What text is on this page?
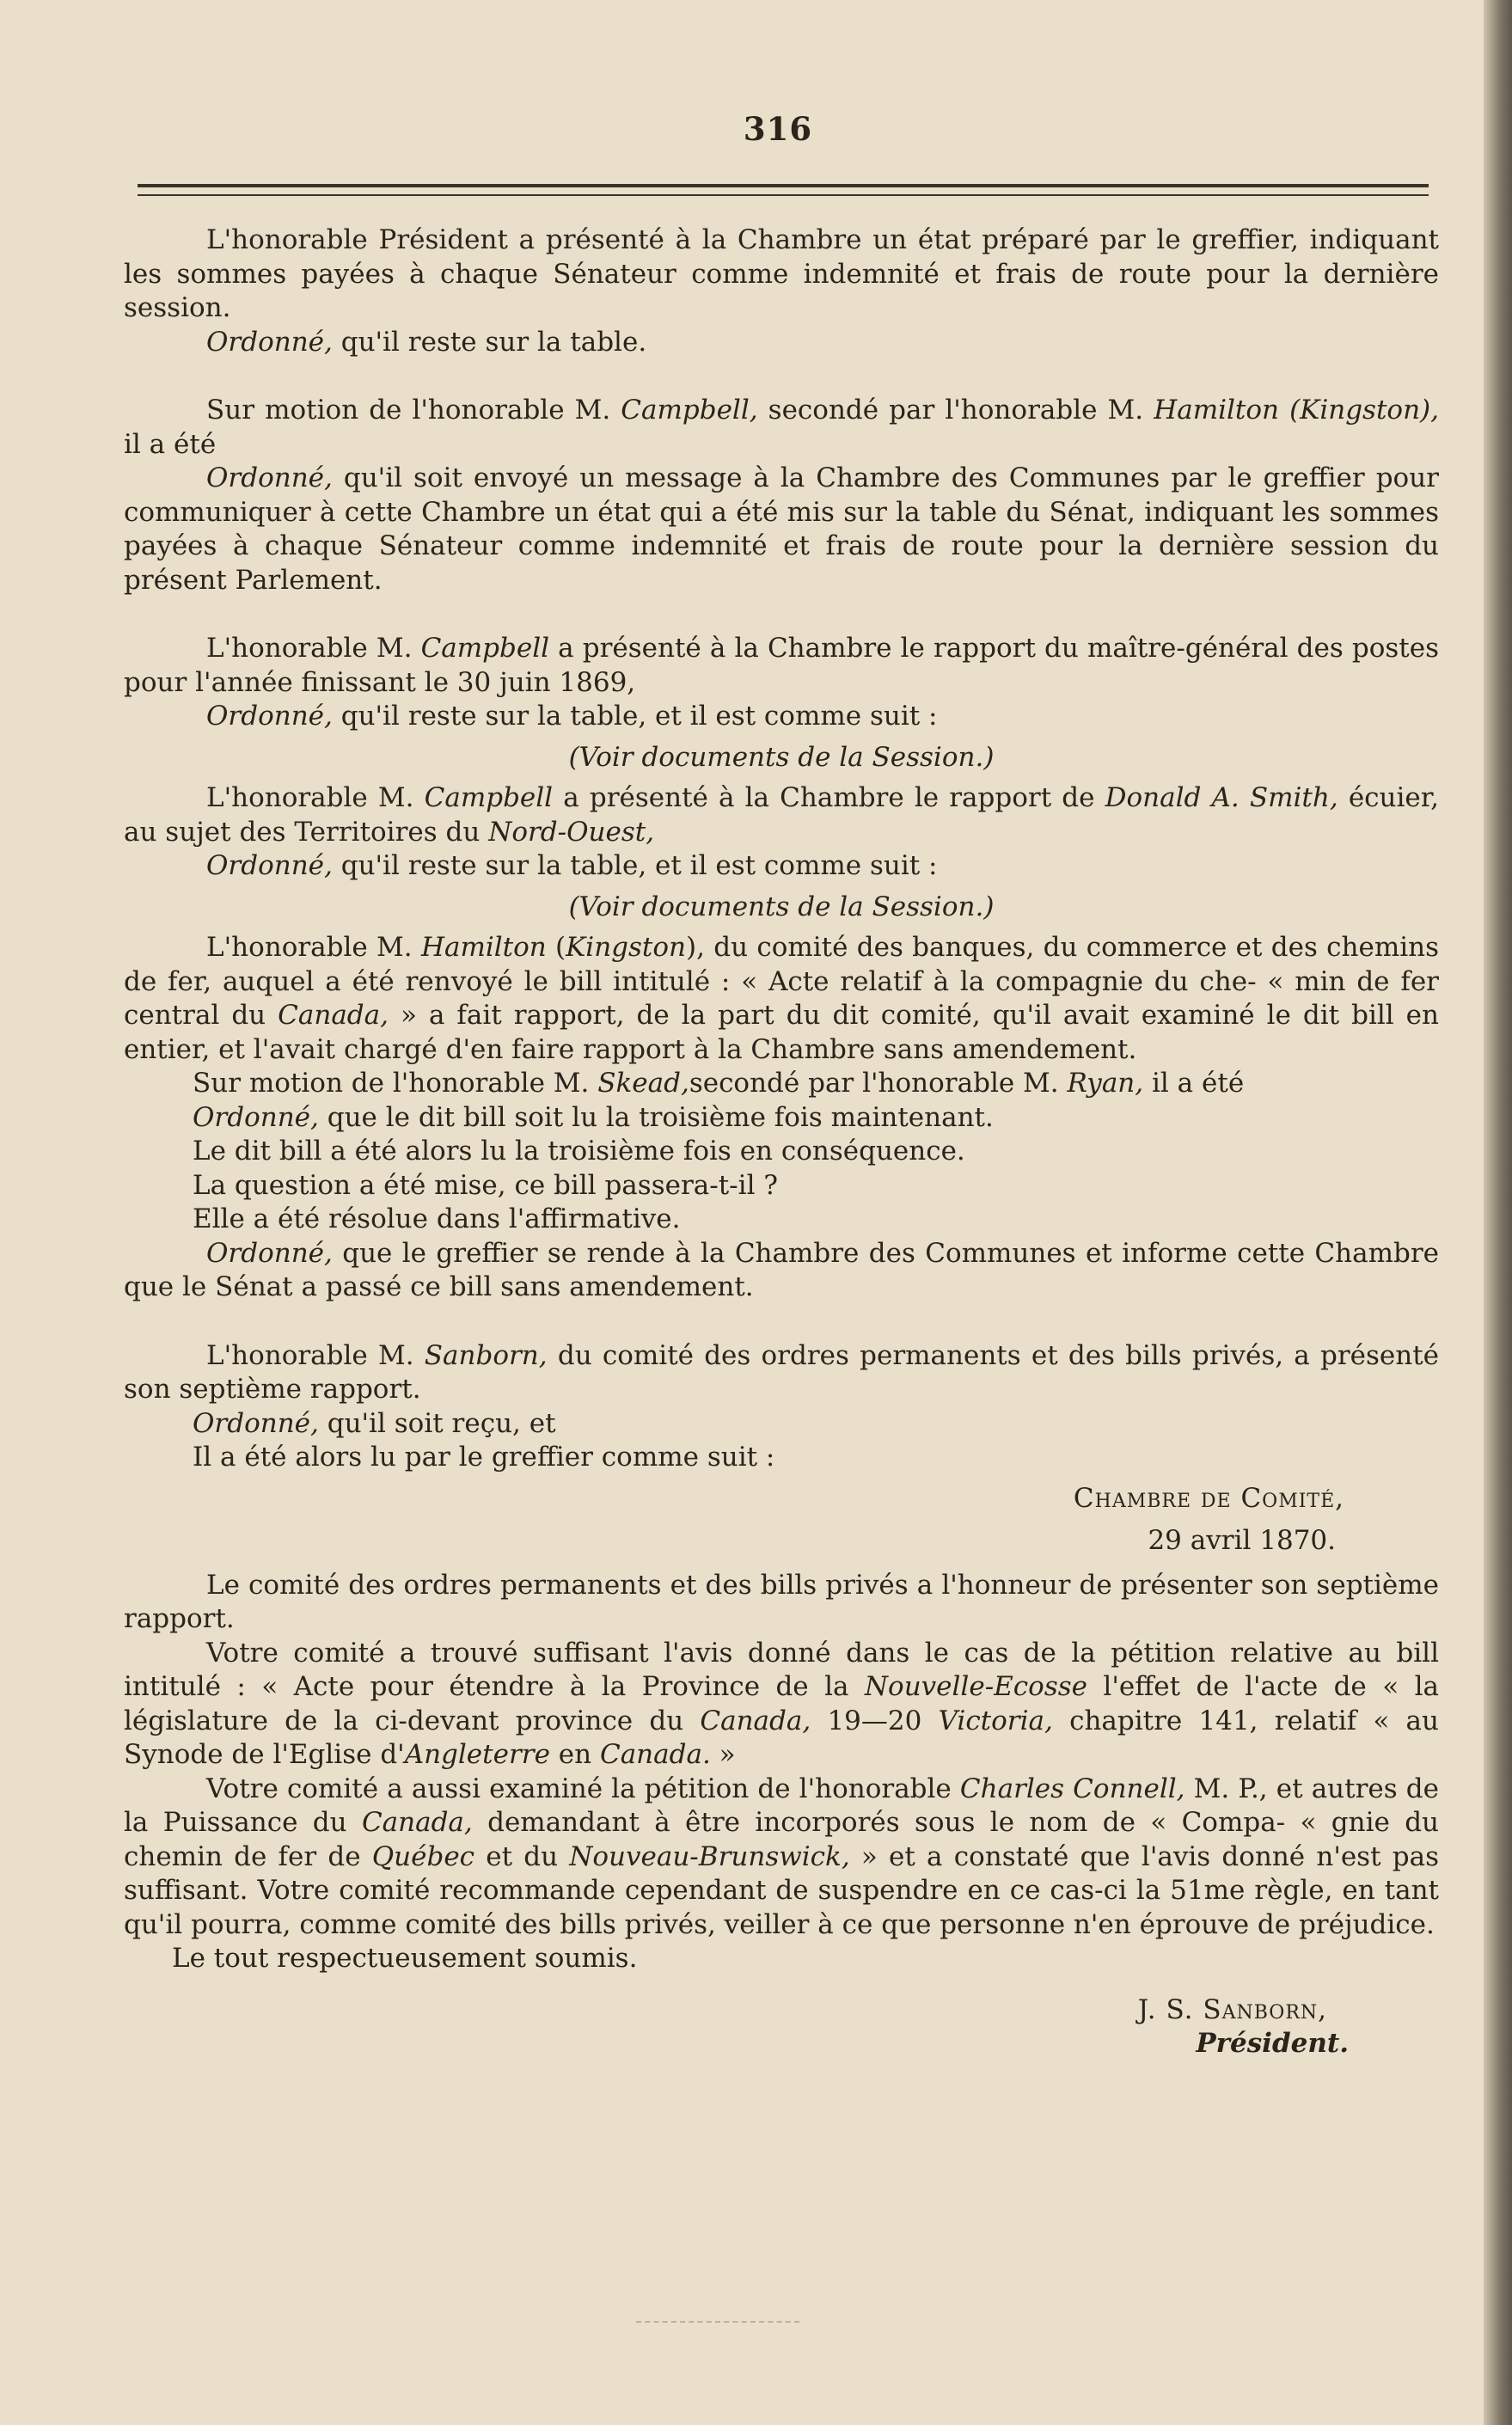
316

L'honorable Président a présenté à la Chambre un état préparé par le greffier, indiquant les sommes payées à chaque Sénateur comme indemnité et frais de route pour la dernière session.

Ordonné, qu'il reste sur la table.

Sur motion de l'honorable M. Campbell, secondé par l'honorable M. Hamilton (Kingston), il a été

Ordonné, qu'il soit envoyé un message à la Chambre des Communes par le greffier pour communiquer à cette Chambre un état qui a été mis sur la table du Sénat, indiquant les sommes payées à chaque Sénateur comme indemnité et frais de route pour la dernière session du présent Parlement.

L'honorable M. Campbell a présenté à la Chambre le rapport du maître-général des postes pour l'année finissant le 30 juin 1869,

Ordonné, qu'il reste sur la table, et il est comme suit :

(Voir documents de la Session.)

L'honorable M. Campbell a présenté à la Chambre le rapport de Donald A. Smith, écuier, au sujet des Territoires du Nord-Ouest,

Ordonné, qu'il reste sur la table, et il est comme suit :

(Voir documents de la Session.)

L'honorable M. Hamilton (Kingston), du comité des banques, du commerce et des chemins de fer, auquel a été renvoyé le bill intitulé : « Acte relatif à la compagnie du che- « min de fer central du Canada, » a fait rapport, de la part du dit comité, qu'il avait examiné le dit bill en entier, et l'avait chargé d'en faire rapport à la Chambre sans amendement.

Sur motion de l'honorable M. Skead,secondé par l'honorable M. Ryan, il a été

Ordonné, que le dit bill soit lu la troisième fois maintenant.

Le dit bill a été alors lu la troisième fois en conséquence.

La question a été mise, ce bill passera-t-il ?

Elle a été résolue dans l'affirmative.

Ordonné, que le greffier se rende à la Chambre des Communes et informe cette Chambre que le Sénat a passé ce bill sans amendement.

L'honorable M. Sanborn, du comité des ordres permanents et des bills privés, a présenté son septième rapport.

Ordonné, qu'il soit reçu, et

Il a été alors lu par le greffier comme suit :

Chambre de Comité,

29 avril 1870.

Le comité des ordres permanents et des bills privés a l'honneur de présenter son septième rapport.

Votre comité a trouvé suffisant l'avis donné dans le cas de la pétition relative au bill intitulé : « Acte pour étendre à la Province de la Nouvelle-Ecosse l'effet de l'acte de « la législature de la ci-devant province du Canada, 19—20 Victoria, chapitre 141, relatif « au Synode de l'Eglise d'Angleterre en Canada. »

Votre comité a aussi examiné la pétition de l'honorable Charles Connell, M. P., et autres de la Puissance du Canada, demandant à être incorporés sous le nom de « Compa- « gnie du chemin de fer de Québec et du Nouveau-Brunswick, » et a constaté que l'avis donné n'est pas suffisant. Votre comité recommande cependant de suspendre en ce cas-ci la 51me règle, en tant qu'il pourra, comme comité des bills privés, veiller à ce que personne n'en éprouve de préjudice.

Le tout respectueusement soumis.

J. S. Sanborn,

Président.
